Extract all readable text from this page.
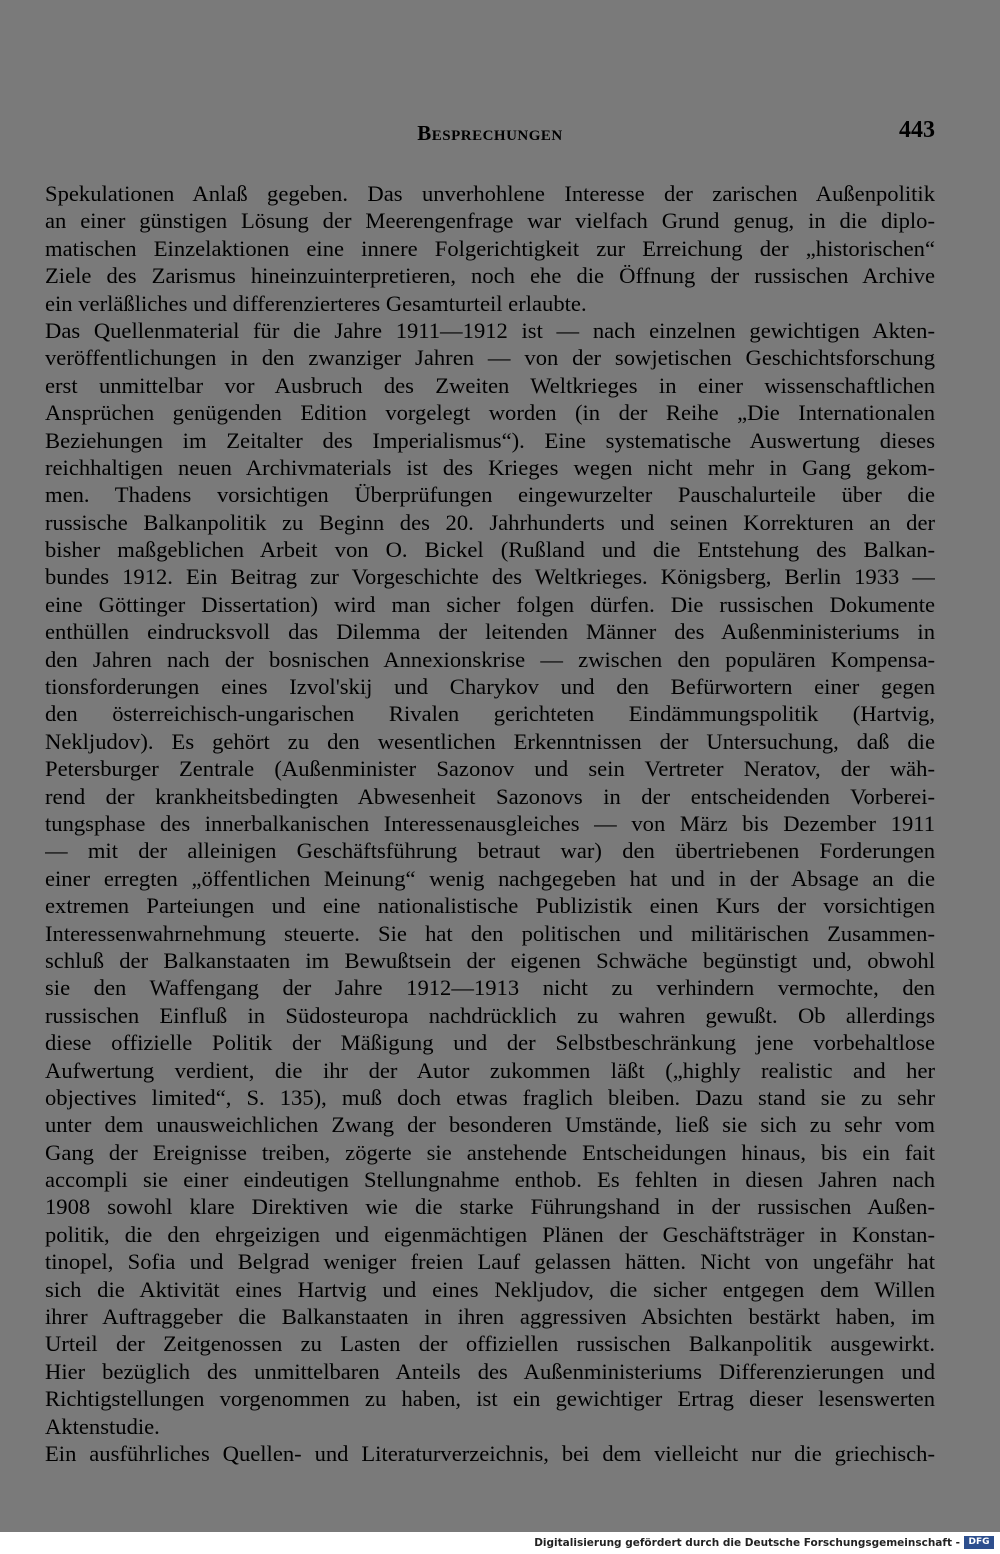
Besprechungen	443
Spekulationen Anlaß gegeben. Das unverhohlene Interesse der zarischen Außenpolitik
an einer günstigen Lösung der Meerengenfrage war vielfach Grund genug, in die diplo-
matischen Einzelaktionen eine innere Folgerichtigkeit zur Erreichung der „historischen“
Ziele des Zarismus hineinzuinterpretieren, noch ehe die Öffnung der russischen Archive
ein verläßliches und differenzierteres Gesamturteil erlaubte.
Das Quellenmaterial für die Jahre 1911—1912 ist — nach einzelnen gewichtigen Akten-
veröffentlichungen in den zwanziger Jahren — von der sowjetischen Geschichtsforschung
erst unmittelbar vor Ausbruch des Zweiten Weltkrieges in einer wissenschaftlichen
Ansprüchen genügenden Edition vorgelegt worden (in der Reihe „Die Internationalen
Beziehungen im Zeitalter des Imperialismus“). Eine systematische Auswertung dieses
reichhaltigen neuen Archivmaterials ist des Krieges wegen nicht mehr in Gang gekom-
men. Thadens vorsichtigen Überprüfungen eingewurzelter Pauschalurteile über die
russische Balkanpolitik zu Beginn des 20. Jahrhunderts und seinen Korrekturen an der
bisher maßgeblichen Arbeit von O. Bickel (Rußland und die Entstehung des Balkan-
bundes 1912. Ein Beitrag zur Vorgeschichte des Weltkrieges. Königsberg, Berlin 1933 —
eine Göttinger Dissertation) wird man sicher folgen dürfen. Die russischen Dokumente
enthüllen eindrucksvoll das Dilemma der leitenden Männer des Außenministeriums in
den Jahren nach der bosnischen Annexionskrise — zwischen den populären Kompensa-
tionsforderungen eines Izvol'skij und Charykov und den Befürwortern einer gegen
den österreichisch-ungarischen Rivalen gerichteten Eindämmungspolitik (Hartvig,
Nekljudov). Es gehört zu den wesentlichen Erkenntnissen der Untersuchung, daß die
Petersburger Zentrale (Außenminister Sazonov und sein Vertreter Neratov, der wäh-
rend der krankheitsbedingten Abwesenheit Sazonovs in der entscheidenden Vorberei-
tungsphase des innerbalkanischen Interessenausgleiches — von März bis Dezember 1911
— mit der alleinigen Geschäftsführung betraut war) den übertriebenen Forderungen
einer erregten „öffentlichen Meinung“ wenig nachgegeben hat und in der Absage an die
extremen Parteiungen und eine nationalistische Publizistik einen Kurs der vorsichtigen
Interessenwahrnehmung steuerte. Sie hat den politischen und militärischen Zusammen-
schluß der Balkanstaaten im Bewußtsein der eigenen Schwäche begünstigt und, obwohl
sie den Waffengang der Jahre 1912—1913 nicht zu verhindern vermochte, den
russischen Einfluß in Südosteuropa nachdrücklich zu wahren gewußt. Ob allerdings
diese offizielle Politik der Mäßigung und der Selbstbeschränkung jene vorbehaltlose
Aufwertung verdient, die ihr der Autor zukommen läßt („highly realistic and her
objectives limited“, S. 135), muß doch etwas fraglich bleiben. Dazu stand sie zu sehr
unter dem unausweichlichen Zwang der besonderen Umstände, ließ sie sich zu sehr vom
Gang der Ereignisse treiben, zögerte sie anstehende Entscheidungen hinaus, bis ein fait
accompli sie einer eindeutigen Stellungnahme enthob. Es fehlten in diesen Jahren nach
1908 sowohl klare Direktiven wie die starke Führungshand in der russischen Außen-
politik, die den ehrgeizigen und eigenmächtigen Plänen der Geschäftsträger in Konstan-
tinopel, Sofia und Belgrad weniger freien Lauf gelassen hätten. Nicht von ungefähr hat
sich die Aktivität eines Hartvig und eines Nekljudov, die sicher entgegen dem Willen
ihrer Auftraggeber die Balkanstaaten in ihren aggressiven Absichten bestärkt haben, im
Urteil der Zeitgenossen zu Lasten der offiziellen russischen Balkanpolitik ausgewirkt.
Hier bezüglich des unmittelbaren Anteils des Außenministeriums Differenzierungen und
Richtigstellungen vorgenommen zu haben, ist ein gewichtiger Ertrag dieser lesenswerten
Aktenstudie.
Ein ausführliches Quellen- und Literaturverzeichnis, bei dem vielleicht nur die griechisch-
Digitalisierung gefördert durch die Deutsche Forschungsgemeinschaft - DFG
